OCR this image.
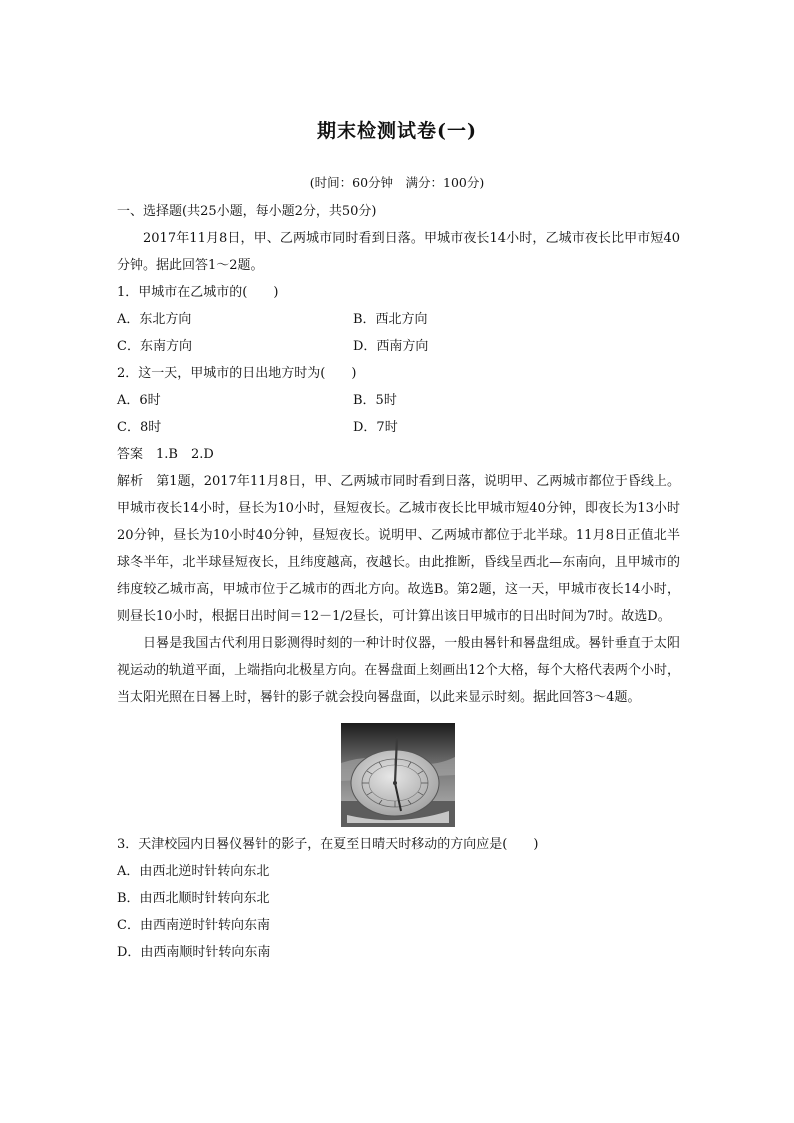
期末检测试卷(一)
(时间：60分钟　满分：100分)

一、选择题(共25小题，每小题2分，共50分)

2017年11月8日，甲、乙两城市同时看到日落。甲城市夜长14小时，乙城市夜长比甲市短40分钟。据此回答1～2题。

1．甲城市在乙城市的(　　)

A．东北方向	B．西北方向
C．东南方向	D．西南方向

2．这一天，甲城市的日出地方时为(　　)

A．6时	B．5时
C．8时	D．7时

答案　1.B　2.D

解析　第1题，2017年11月8日，甲、乙两城市同时看到日落，说明甲、乙两城市都位于昏线上。甲城市夜长14小时，昼长为10小时，昼短夜长。乙城市夜长比甲城市短40分钟，即夜长为13小时20分钟，昼长为10小时40分钟，昼短夜长。说明甲、乙两城市都位于北半球。11月8日正值北半球冬半年，北半球昼短夜长，且纬度越高，夜越长。由此推断，昏线呈西北—东南向，且甲城市的纬度较乙城市高，甲城市位于乙城市的西北方向。故选B。第2题，这一天，甲城市夜长14小时，则昼长10小时，根据日出时间＝12－1/2昼长，可计算出该日甲城市的日出时间为7时。故选D。

日晷是我国古代利用日影测得时刻的一种计时仪器，一般由晷针和晷盘组成。晷针垂直于太阳视运动的轨道平面，上端指向北极星方向。在晷盘面上刻画出12个大格，每个大格代表两个小时，当太阳光照在日晷上时，晷针的影子就会投向晷盘面，以此来显示时刻。据此回答3～4题。

3．天津校园内日晷仪晷针的影子，在夏至日晴天时移动的方向应是(　　)

A．由西北逆时针转向东北

B．由西北顺时针转向东北

C．由西南逆时针转向东南

D．由西南顺时针转向东南
